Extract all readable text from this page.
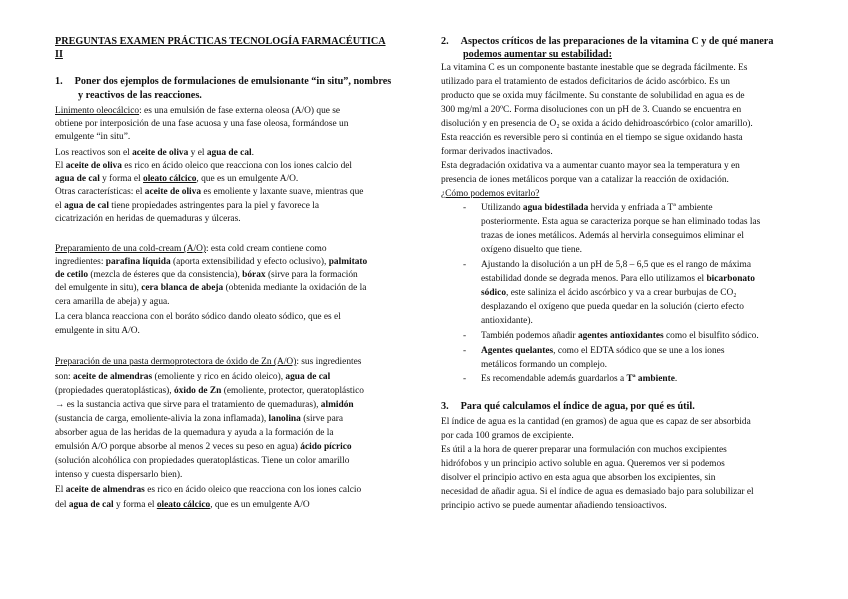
PREGUNTAS EXAMEN PRÁCTICAS TECNOLOGÍA FARMACÉUTICA
II
1. Poner dos ejemplos de formulaciones de emulsionante “in situ”, nombres
y reactivos de las reacciones.
Linimento oleocálcico: es una emulsión de fase externa oleosa (A/O) que se
obtiene por interposición de una fase acuosa y una fase oleosa, formándose un
emulgente “in situ”.
Los reactivos son el aceite de oliva y el agua de cal.
El aceite de oliva es rico en ácido oleico que reacciona con los iones calcio del
agua de cal y forma el oleato cálcico, que es un emulgente A/O.
Otras características: el aceite de oliva es emoliente y laxante suave, mientras que
el agua de cal tiene propiedades astringentes para la piel y favorece la
cicatrización en heridas de quemaduras y úlceras.
Preparamiento de una cold-cream (A/O): esta cold cream contiene como
ingredientes: parafina líquida (aporta extensibilidad y efecto oclusivo), palmitato
de cetilo (mezcla de ésteres que da consistencia), bórax (sirve para la formación
del emulgente in situ), cera blanca de abeja (obtenida mediante la oxidación de la
cera amarilla de abeja) y agua.
La cera blanca reacciona con el boráto sódico dando oleato sódico, que es el
emulgente in situ A/O.
Preparación de una pasta dermoprotectora de óxido de Zn (A/O): sus ingredientes
son: aceite de almendras (emoliente y rico en ácido oleico), agua de cal
(propiedades queratoplásticas), óxido de Zn (emoliente, protector, queratoplástico
→ es la sustancia activa que sirve para el tratamiento de quemaduras), almidón
(sustancia de carga, emoliente-alivia la zona inflamada), lanolina (sirve para
absorber agua de las heridas de la quemadura y ayuda a la formación de la
emulsión A/O porque absorbe al menos 2 veces su peso en agua) ácido pícrico
(solución alcohólica con propiedades queratoplásticas. Tiene un color amarillo
intenso y cuesta dispersarlo bien).
El aceite de almendras es rico en ácido oleico que reacciona con los iones calcio
del agua de cal y forma el oleato cálcico, que es un emulgente A/O
2. Aspectos críticos de las preparaciones de la vitamina C y de qué manera
podemos aumentar su estabilidad:
La vitamina C es un componente bastante inestable que se degrada fácilmente. Es
utilizado para el tratamiento de estados deficitarios de ácido ascórbico. Es un
producto que se oxida muy fácilmente. Su constante de solubilidad en agua es de
300 mg/ml a 20ºC. Forma disoluciones con un pH de 3. Cuando se encuentra en
disolución y en presencia de O₂ se oxida a ácido dehidroascórbico (color amarillo).
Esta reacción es reversible pero si continúa en el tiempo se sigue oxidando hasta
formar derivados inactivados.
Esta degradación oxidativa va a aumentar cuanto mayor sea la temperatura y en
presencia de iones metálicos porque van a catalizar la reacción de oxidación.
¿Cómo podemos evitarlo?
- Utilizando agua bidestilada hervida y enfriada a Tª ambiente
posteriormente. Esta agua se caracteriza porque se han eliminado todas las
trazas de iones metálicos. Además al hervirla conseguimos eliminar el
oxígeno disuelto que tiene.
- Ajustando la disolución a un pH de 5,8 – 6,5 que es el rango de máxima
estabilidad donde se degrada menos. Para ello utilizamos el bicarbonato
sódico, este saliniza el ácido ascórbico y va a crear burbujas de CO₂
desplazando el oxígeno que pueda quedar en la solución (cierto efecto
antioxidante).
- También podemos añadir agentes antioxidantes como el bisulfito sódico.
- Agentes quelantes, como el EDTA sódico que se une a los iones
metálicos formando un complejo.
- Es recomendable además guardarlos a Tª ambiente.
3. Para qué calculamos el índice de agua, por qué es útil.
El índice de agua es la cantidad (en gramos) de agua que es capaz de ser absorbida
por cada 100 gramos de excipiente.
Es útil a la hora de querer preparar una formulación con muchos excipientes
hidrófobos y un principio activo soluble en agua. Queremos ver si podemos
disolver el principio activo en esta agua que absorben los excipientes, sin
necesidad de añadir agua. Si el índice de agua es demasiado bajo para solubilizar el
principio activo se puede aumentar añadiendo tensioactivos.
